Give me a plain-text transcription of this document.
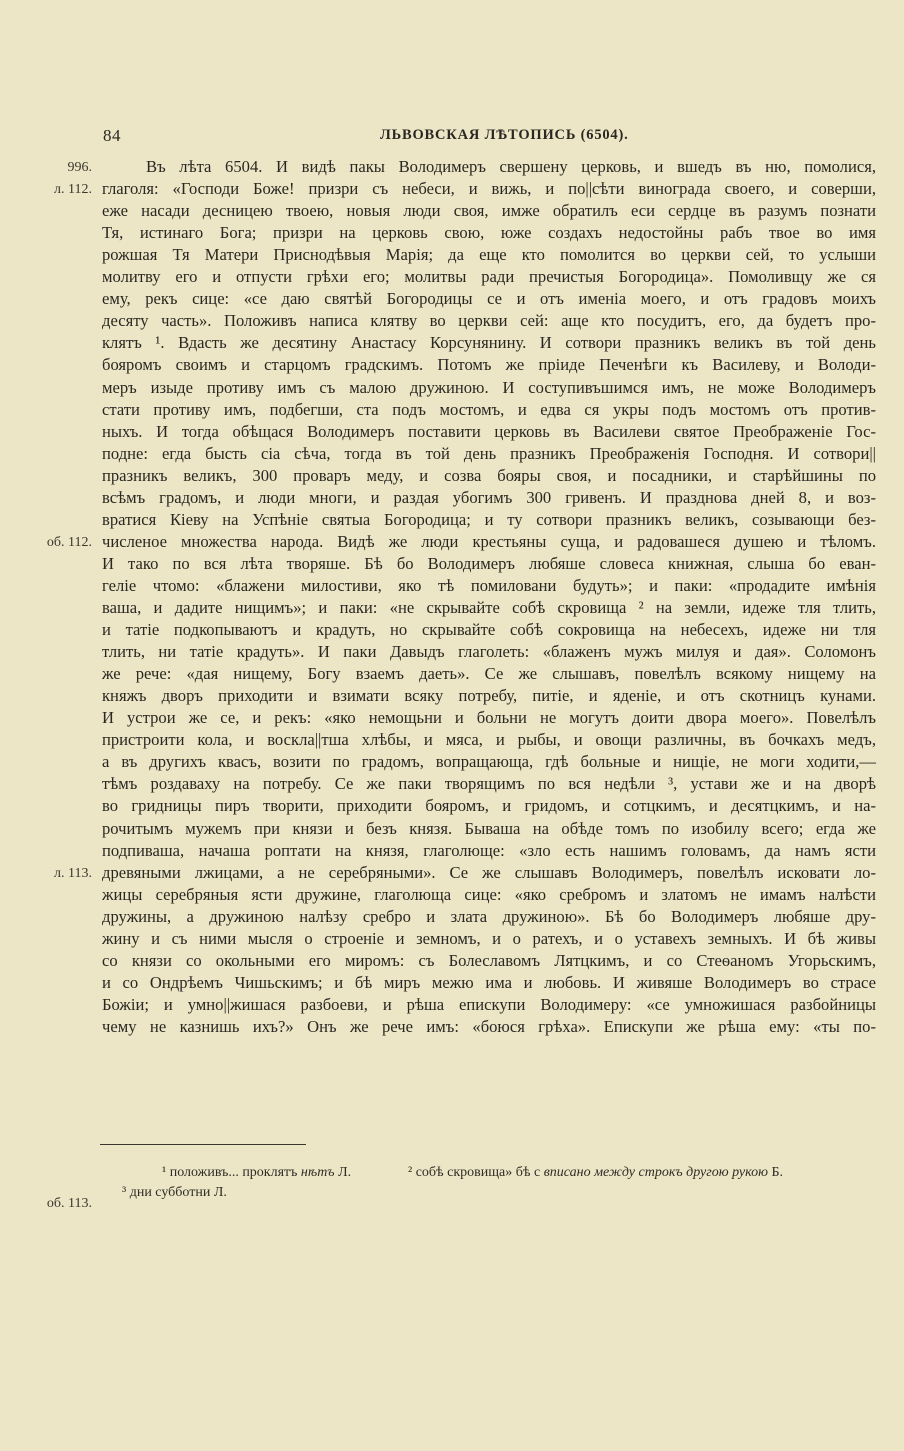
84	ЛЬВОВСКАЯ ЛѢТОПИСЬ (6504).
Въ лѣта 6504. И видѣ пакы Володимеръ свершену церковь, и вшедъ въ ню, помолися,
глаголя: «Господи Боже! призри съ небеси, и вижь, и по||сѣти винограда своего, и соверши,
еже насади десницею твоею, новыя люди своя, имже обратилъ еси сердце въ разумъ познати
Тя, истинаго Бога; призри на церковь свою, юже создахъ недостойны рабъ твое во имя
рожшая Тя Матери Приснодѣвыя Марія; да еще кто помолится во церкви сей, то услыши
молитву его и отпусти грѣхи его; молитвы ради пречистыя Богородица». Помоливщу же ся
ему, рекъ сице: «се даю святѣй Богородицы се и отъ именіа моего, и отъ градовъ моихъ
десяту часть». Положивъ написа клятву во церкви сей: аще кто посудитъ, его, да будетъ про-
клятъ ¹. Вдасть же десятину Анастасу Корсунянину. И сотвори празникъ великъ въ той день
бояромъ своимъ и старцомъ градскимъ. Потомъ же пріиде Печенѣги къ Василеву, и Володи-
меръ изыде противу имъ съ малою дружиною. И соступивъшимся имъ, не може Володимеръ
стати противу имъ, подбегши, ста подъ мостомъ, и едва ся укры подъ мостомъ отъ против-
ныхъ. И тогда обѣщася Володимеръ поставити церковь въ Василеви святое Преображеніе Гос-
подне: егда бысть сіа сѣча, тогда въ той день празникъ Преображенія Господня. И сотвори||
празникъ великъ, 300 проваръ меду, и созва бояры своя, и посадники, и старѣйшины по
всѣмъ градомъ, и люди многи, и раздая убогимъ 300 гривенъ. И празднова дней 8, и воз-
вратися Кіеву на Успѣніе святыа Богородица; и ту сотвори празникъ великъ, созывающи без-
численое множества народа. Видѣ же люди крестьяны суща, и радовашеся душею и тѣломъ.
И тако по вся лѣта творяше. Бѣ бо Володимеръ любяше словеса книжная, слыша бо еван-
геліе чтомо: «блажени милостиви, яко тѣ помиловани будуть»; и паки: «продадите имѣнія
ваша, и дадите нищимъ»; и паки: «не скрывайте собѣ скровища ² на земли, идеже тля тлить,
и татіе подкопываютъ и крадуть, но скрывайте собѣ сокровища на небесехъ, идеже ни тля
тлить, ни татіе крадуть». И паки Давыдъ глаголеть: «блаженъ мужъ милуя и дая». Соломонъ
же рече: «дая нищему, Богу взаемъ даеть». Се же слышавъ, повелѣлъ всякому нищему на
княжъ дворъ приходити и взимати всяку потребу, питіе, и яденіе, и отъ скотницъ кунами.
И устрои же се, и рекъ: «яко немощьни и больни не могутъ доити двора моего». Повелѣлъ
пристроити кола, и воскла||тша хлѣбы, и мяса, и рыбы, и овощи различны, въ бочкахъ медъ,
а въ другихъ квасъ, возити по градомъ, вопращающа, гдѣ больные и нищіе, не моги ходити,—
тѣмъ роздаваху на потребу. Се же паки творящимъ по вся недѣли ³, устави же и на дворѣ
во гридницы пиръ творити, приходити бояромъ, и гридомъ, и сотцкимъ, и десятцкимъ, и на-
рочитымъ мужемъ при князи и безъ князя. Бываша на обѣде томъ по изобилу всего; егда же
подпиваша, начаша роптати на князя, глаголюще: «зло есть нашимъ головамъ, да намъ ясти
древяными лжицами, а не серебряными». Се же слышавъ Володимеръ, повелѣлъ исковати ло-
жицы серебряныя ясти дружине, глаголюща сице: «яко сребромъ и златомъ не имамъ налѣсти
дружины, а дружиною налѣзу сребро и злата дружиною». Бѣ бо Володимеръ любяше дру-
жину и съ ними мысля о строеніе и земномъ, и о ратехъ, и о уставехъ земныхъ. И бѣ живы
со князи со окольными его миромъ: съ Болеславомъ Лятцкимъ, и со Стеѳаномъ Угорьскимъ,
и со Ондрѣемъ Чишьскимъ; и бѣ миръ межю има и любовь. И живяше Володимеръ во страсе
Божіи; и умно||жишася разбоеви, и рѣша епискупи Володимеру: «се умножишася разбойницы
чему не казнишь ихъ?» Онъ же рече имъ: «боюся грѣха». Епискупи же рѣша ему: «ты по-
996.
л. 112.
об. 112.
л. 113.
об. 113.
¹ положивъ... проклятъ нѣтъ Л.	² собѣ скровища» бѣ с вписано между строкъ другою рукою Б.
³ дни субботни Л.
